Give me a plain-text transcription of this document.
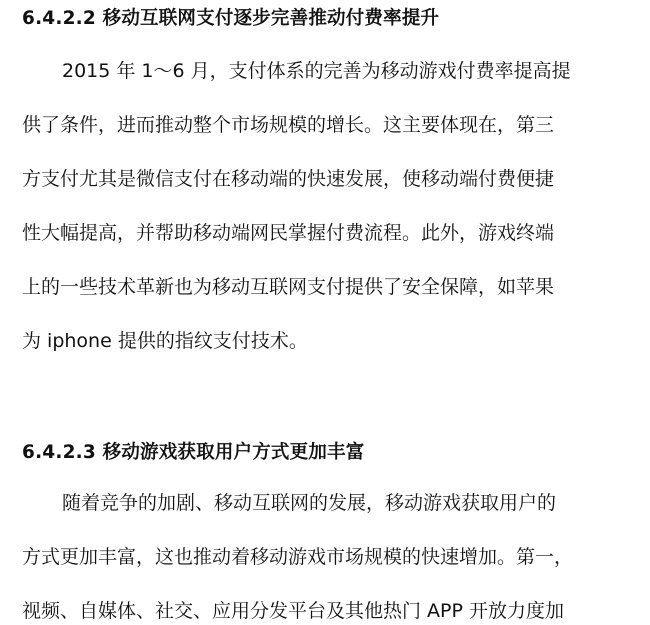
6.4.2.2 移动互联网支付逐步完善推动付费率提升
2015 年 1～6 月，支付体系的完善为移动游戏付费率提高提
供了条件，进而推动整个市场规模的增长。这主要体现在，第三
方支付尤其是微信支付在移动端的快速发展，使移动端付费便捷
性大幅提高，并帮助移动端网民掌握付费流程。此外，游戏终端
上的一些技术革新也为移动互联网支付提供了安全保障，如苹果
为 iphone 提供的指纹支付技术。
6.4.2.3 移动游戏获取用户方式更加丰富
随着竞争的加剧、移动互联网的发展，移动游戏获取用户的
方式更加丰富，这也推动着移动游戏市场规模的快速增加。第一，
视频、自媒体、社交、应用分发平台及其他热门 APP 开放力度加
